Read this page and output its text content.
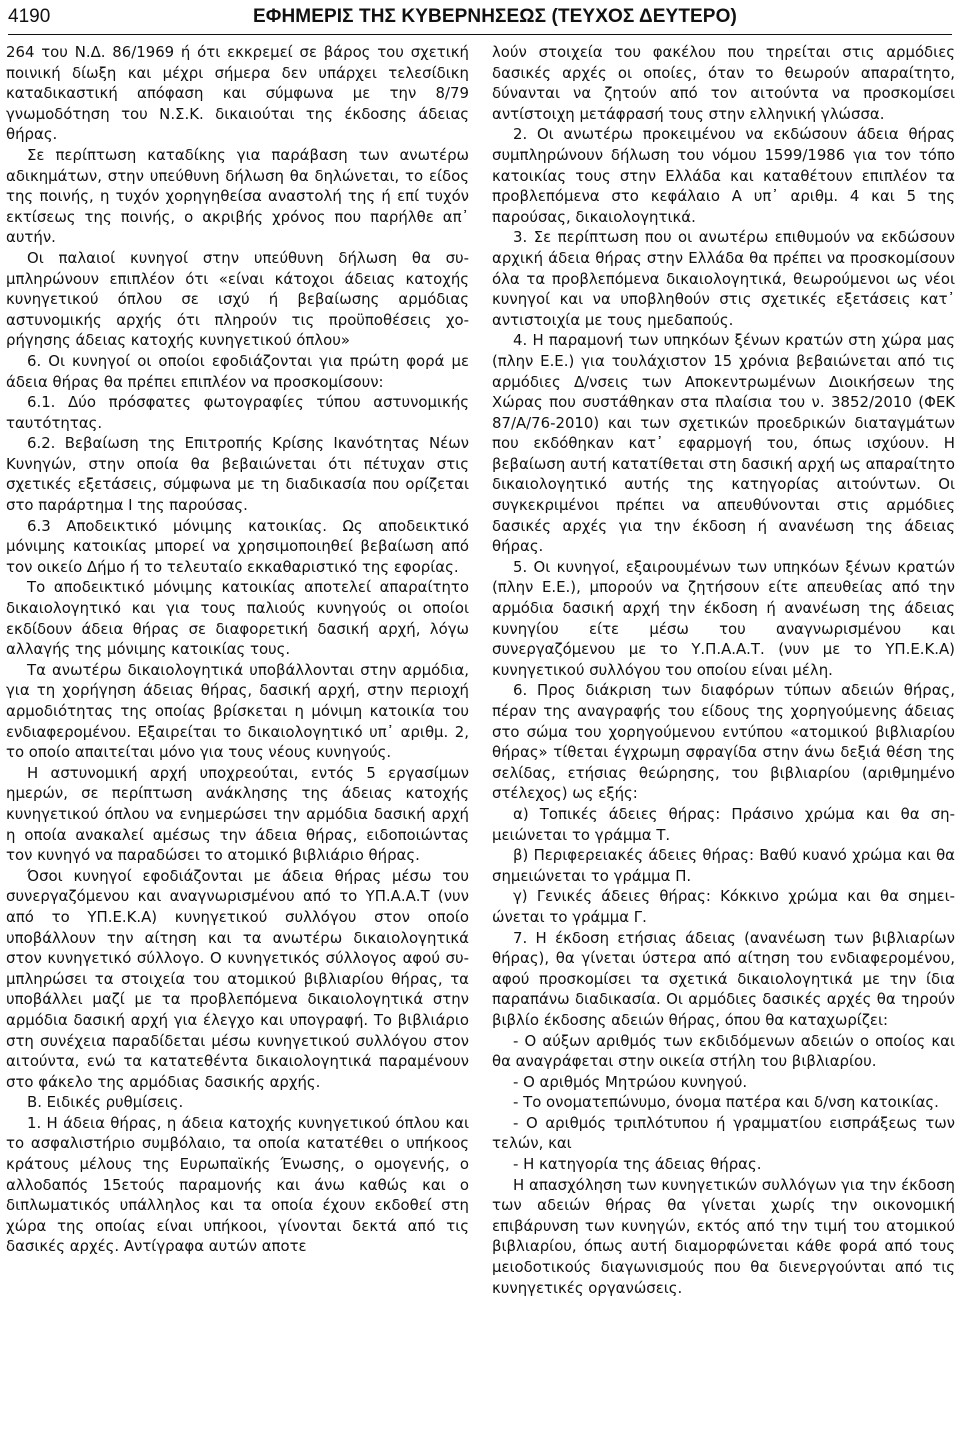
4190	ΕΦΗΜΕΡΙΣ ΤΗΣ ΚΥΒΕΡΝΗΣΕΩΣ (ΤΕΥΧΟΣ ΔΕΥΤΕΡΟ)

264 του Ν.Δ. 86/1969 ή ότι εκκρεμεί σε βάρος του σχετική ποινική δίωξη και μέχρι σήμερα δεν υπάρχει τελεσίδικη καταδικαστική απόφαση και σύμφωνα με την 8/79 γνωμοδότηση του Ν.Σ.Κ. δικαιούται της έκδοσης άδειας θήρας.

Σε περίπτωση καταδίκης για παράβαση των ανωτέρω αδικημάτων, στην υπεύθυνη δήλωση θα δηλώνεται, το είδος της ποινής, η τυχόν χορηγηθείσα αναστολή της ή επί τυχόν εκτίσεως της ποινής, ο ακριβής χρόνος που παρήλθε απ᾽ αυτήν.

Οι παλαιοί κυνηγοί στην υπεύθυνη δήλωση θα συμπληρώνουν επιπλέον ότι «είναι κάτοχοι άδειας κατοχής κυνηγετικού όπλου σε ισχύ ή βεβαίωσης αρμόδιας αστυνομικής αρχής ότι πληρούν τις προϋποθέσεις χορήγησης άδειας κατοχής κυνηγετικού όπλου»

6. Οι κυνηγοί οι οποίοι εφοδιάζονται για πρώτη φορά με άδεια θήρας θα πρέπει επιπλέον να προσκομίσουν:

6.1. Δύο πρόσφατες φωτογραφίες τύπου αστυνομικής ταυτότητας.

6.2. Βεβαίωση της Επιτροπής Κρίσης Ικανότητας Νέων Κυνηγών, στην οποία θα βεβαιώνεται ότι πέτυχαν στις σχετικές εξετάσεις, σύμφωνα με τη διαδικασία που ορίζεται στο παράρτημα Ι της παρούσας.

6.3 Αποδεικτικό μόνιμης κατοικίας. Ως αποδεικτικό μόνιμης κατοικίας μπορεί να χρησιμοποιηθεί βεβαίωση από τον οικείο Δήμο ή το τελευταίο εκκαθαριστικό της εφορίας.

Το αποδεικτικό μόνιμης κατοικίας αποτελεί απαραίτητο δικαιολογητικό και για τους παλιούς κυνηγούς οι οποίοι εκδίδουν άδεια θήρας σε διαφορετική δασική αρχή, λόγω αλλαγής της μόνιμης κατοικίας τους.

Τα ανωτέρω δικαιολογητικά υποβάλλονται στην αρμόδια, για τη χορήγηση άδειας θήρας, δασική αρχή, στην περιοχή αρμοδιότητας της οποίας βρίσκεται η μόνιμη κατοικία του ενδιαφερομένου. Εξαιρείται το δικαιολογητικό υπ᾽ αριθμ. 2, το οποίο απαιτείται μόνο για τους νέους κυνηγούς.

Η αστυνομική αρχή υποχρεούται, εντός 5 εργασίμων ημερών, σε περίπτωση ανάκλησης της άδειας κατοχής κυνηγετικού όπλου να ενημερώσει την αρμόδια δασική αρχή η οποία ανακαλεί αμέσως την άδεια θήρας, ειδοποιώντας τον κυνηγό να παραδώσει το ατομικό βιβλιάριο θήρας.

Όσοι κυνηγοί εφοδιάζονται με άδεια θήρας μέσω του συνεργαζόμενου και αναγνωρισμένου από το ΥΠ.Α.Α.Τ (νυν από το ΥΠ.Ε.Κ.Α) κυνηγετικού συλλόγου στον οποίο υποβάλλουν την αίτηση και τα ανωτέρω δικαιολογητικά στον κυνηγετικό σύλλογο. Ο κυνηγετικός σύλλογος αφού συμπληρώσει τα στοιχεία του ατομικού βιβλιαρίου θήρας, τα υποβάλλει μαζί με τα προβλεπόμενα δικαιολογητικά στην αρμόδια δασική αρχή για έλεγχο και υπογραφή. Το βιβλιάριο στη συνέχεια παραδίδεται μέσω κυνηγετικού συλλόγου στον αιτούντα, ενώ τα κατατεθέντα δικαιολογητικά παραμένουν στο φάκελο της αρμόδιας δασικής αρχής.

Β. Ειδικές ρυθμίσεις.

1. Η άδεια θήρας, η άδεια κατοχής κυνηγετικού όπλου και το ασφαλιστήριο συμβόλαιο, τα οποία κατατέθει ο υπήκοος κράτους μέλους της Ευρωπαϊκής Ένωσης, ο ομογενής, ο αλλοδαπός 15ετούς παραμονής και άνω καθώς και ο διπλωματικός υπάλληλος και τα οποία έχουν εκδοθεί στη χώρα της οποίας είναι υπήκοοι, γίνονται δεκτά από τις δασικές αρχές. Αντίγραφα αυτών αποτε

λούν στοιχεία του φακέλου που τηρείται στις αρμόδιες δασικές αρχές οι οποίες, όταν το θεωρούν απαραίτητο, δύνανται να ζητούν από τον αιτούντα να προσκομίσει αντίστοιχη μετάφρασή τους στην ελληνική γλώσσα.

2. Οι ανωτέρω προκειμένου να εκδώσουν άδεια θήρας συμπληρώνουν δήλωση του νόμου 1599/1986 για τον τόπο κατοικίας τους στην Ελλάδα και καταθέτουν επιπλέον τα προβλεπόμενα στο κεφάλαιο Α υπ᾽ αριθμ. 4 και 5 της παρούσας, δικαιολογητικά.

3. Σε περίπτωση που οι ανωτέρω επιθυμούν να εκδώσουν αρχική άδεια θήρας στην Ελλάδα θα πρέπει να προσκομίσουν όλα τα προβλεπόμενα δικαιολογητικά, θεωρούμενοι ως νέοι κυνηγοί και να υποβληθούν στις σχετικές εξετάσεις κατ᾽ αντιστοιχία με τους ημεδαπούς.

4. Η παραμονή των υπηκόων ξένων κρατών στη χώρα μας (πλην Ε.Ε.) για τουλάχιστον 15 χρόνια βεβαιώνεται από τις αρμόδιες Δ/νσεις των Αποκεντρωμένων Διοικήσεων της Χώρας που συστάθηκαν στα πλαίσια του ν. 3852/2010 (ΦΕΚ 87/Α/76-2010) και των σχετικών προεδρικών διαταγμάτων που εκδόθηκαν κατ᾽ εφαρμογή του, όπως ισχύουν. Η βεβαίωση αυτή κατατίθεται στη δασική αρχή ως απαραίτητο δικαιολογητικό αυτής της κατηγορίας αιτούντων. Οι συγκεκριμένοι πρέπει να απευθύνονται στις αρμόδιες δασικές αρχές για την έκδοση ή ανανέωση της άδειας θήρας.

5. Οι κυνηγοί, εξαιρουμένων των υπηκόων ξένων κρατών (πλην Ε.Ε.), μπορούν να ζητήσουν είτε απευθείας από την αρμόδια δασική αρχή την έκδοση ή ανανέωση της άδειας κυνηγίου είτε μέσω του αναγνωρισμένου και συνεργαζόμενου με το Υ.Π.Α.Α.Τ. (νυν με το ΥΠ.Ε.Κ.Α) κυνηγετικού συλλόγου του οποίου είναι μέλη.

6. Προς διάκριση των διαφόρων τύπων αδειών θήρας, πέραν της αναγραφής του είδους της χορηγούμενης άδειας στο σώμα του χορηγούμενου εντύπου «ατομικού βιβλιαρίου θήρας» τίθεται έγχρωμη σφραγίδα στην άνω δεξιά θέση της σελίδας, ετήσιας θεώρησης, του βιβλιαρίου (αριθμημένο στέλεχος) ως εξής:

α) Τοπικές άδειες θήρας: Πράσινο χρώμα και θα σημειώνεται το γράμμα Τ.

β) Περιφερειακές άδειες θήρας: Βαθύ κυανό χρώμα και θα σημειώνεται το γράμμα Π.

γ) Γενικές άδειες θήρας: Κόκκινο χρώμα και θα σημειώνεται το γράμμα Γ.

7. Η έκδοση ετήσιας άδειας (ανανέωση των βιβλιαρίων θήρας), θα γίνεται ύστερα από αίτηση του ενδιαφερομένου, αφού προσκομίσει τα σχετικά δικαιολογητικά με την ίδια παραπάνω διαδικασία. Οι αρμόδιες δασικές αρχές θα τηρούν βιβλίο έκδοσης αδειών θήρας, όπου θα καταχωρίζει:

- Ο αύξων αριθμός των εκδιδόμενων αδειών ο οποίος και θα αναγράφεται στην οικεία στήλη του βιβλιαρίου.

- Ο αριθμός Μητρώου κυνηγού.

- Το ονοματεπώνυμο, όνομα πατέρα και δ/νση κατοικίας.

- Ο αριθμός τριπλότυπου ή γραμματίου εισπράξεως των τελών, και

- Η κατηγορία της άδειας θήρας.

Η απασχόληση των κυνηγετικών συλλόγων για την έκδοση των αδειών θήρας θα γίνεται χωρίς την οικονομική επιβάρυνση των κυνηγών, εκτός από την τιμή του ατομικού βιβλιαρίου, όπως αυτή διαμορφώνεται κάθε φορά από τους μειοδοτικούς διαγωνισμούς που θα διενεργούνται από τις κυνηγετικές οργανώσεις.
